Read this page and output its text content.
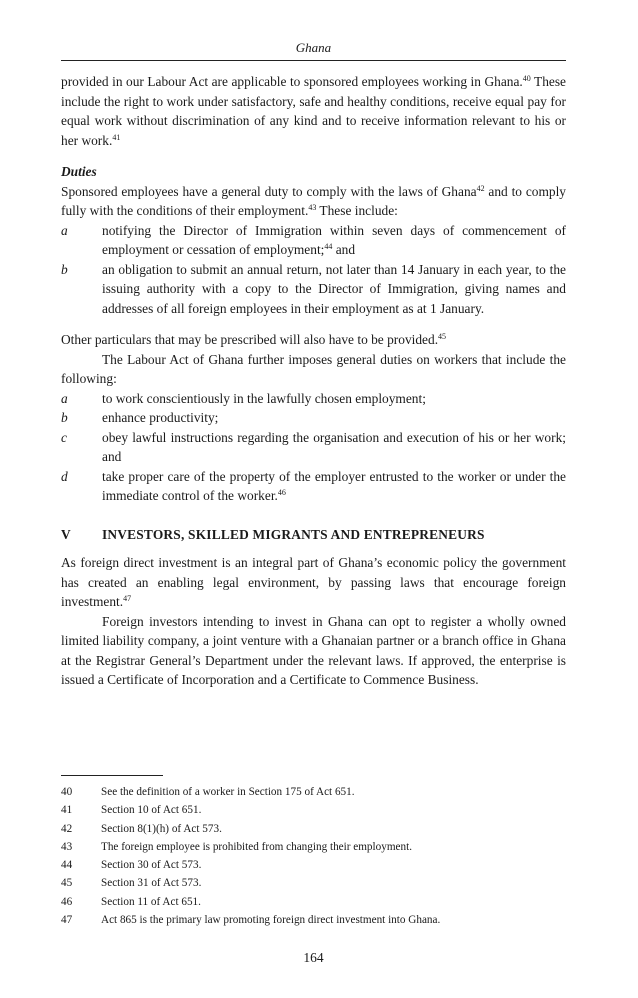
Ghana

provided in our Labour Act are applicable to sponsored employees working in Ghana.$^{40}$ These include the right to work under satisfactory, safe and healthy conditions, receive equal pay for equal work without discrimination of any kind and to receive information relevant to his or her work.$^{41}$

Duties

Sponsored employees have a general duty to comply with the laws of Ghana$^{42}$ and to comply fully with the conditions of their employment.$^{43}$ These include:

a	notifying the Director of Immigration within seven days of commencement of employment or cessation of employment;$^{44}$ and
b	an obligation to submit an annual return, not later than 14 January in each year, to the issuing authority with a copy to the Director of Immigration, giving names and addresses of all foreign employees in their employment as at 1 January.

Other particulars that may be prescribed will also have to be provided.$^{45}$

The Labour Act of Ghana further imposes general duties on workers that include the following:

a	to work conscientiously in the lawfully chosen employment;
b	enhance productivity;
c	obey lawful instructions regarding the organisation and execution of his or her work; and
d	take proper care of the property of the employer entrusted to the worker or under the immediate control of the worker.$^{46}$
V	INVESTORS, SKILLED MIGRANTS AND ENTREPRENEURS

As foreign direct investment is an integral part of Ghana’s economic policy the government has created an enabling legal environment, by passing laws that encourage foreign investment.$^{47}$

Foreign investors intending to invest in Ghana can opt to register a wholly owned limited liability company, a joint venture with a Ghanaian partner or a branch office in Ghana at the Registrar General’s Department under the relevant laws. If approved, the enterprise is issued a Certificate of Incorporation and a Certificate to Commence Business.

40	See the definition of a worker in Section 175 of Act 651.
41	Section 10 of Act 651.
42	Section 8(1)(h) of Act 573.
43	The foreign employee is prohibited from changing their employment.
44	Section 30 of Act 573.
45	Section 31 of Act 573.
46	Section 11 of Act 651.
47	Act 865 is the primary law promoting foreign direct investment into Ghana.
164
